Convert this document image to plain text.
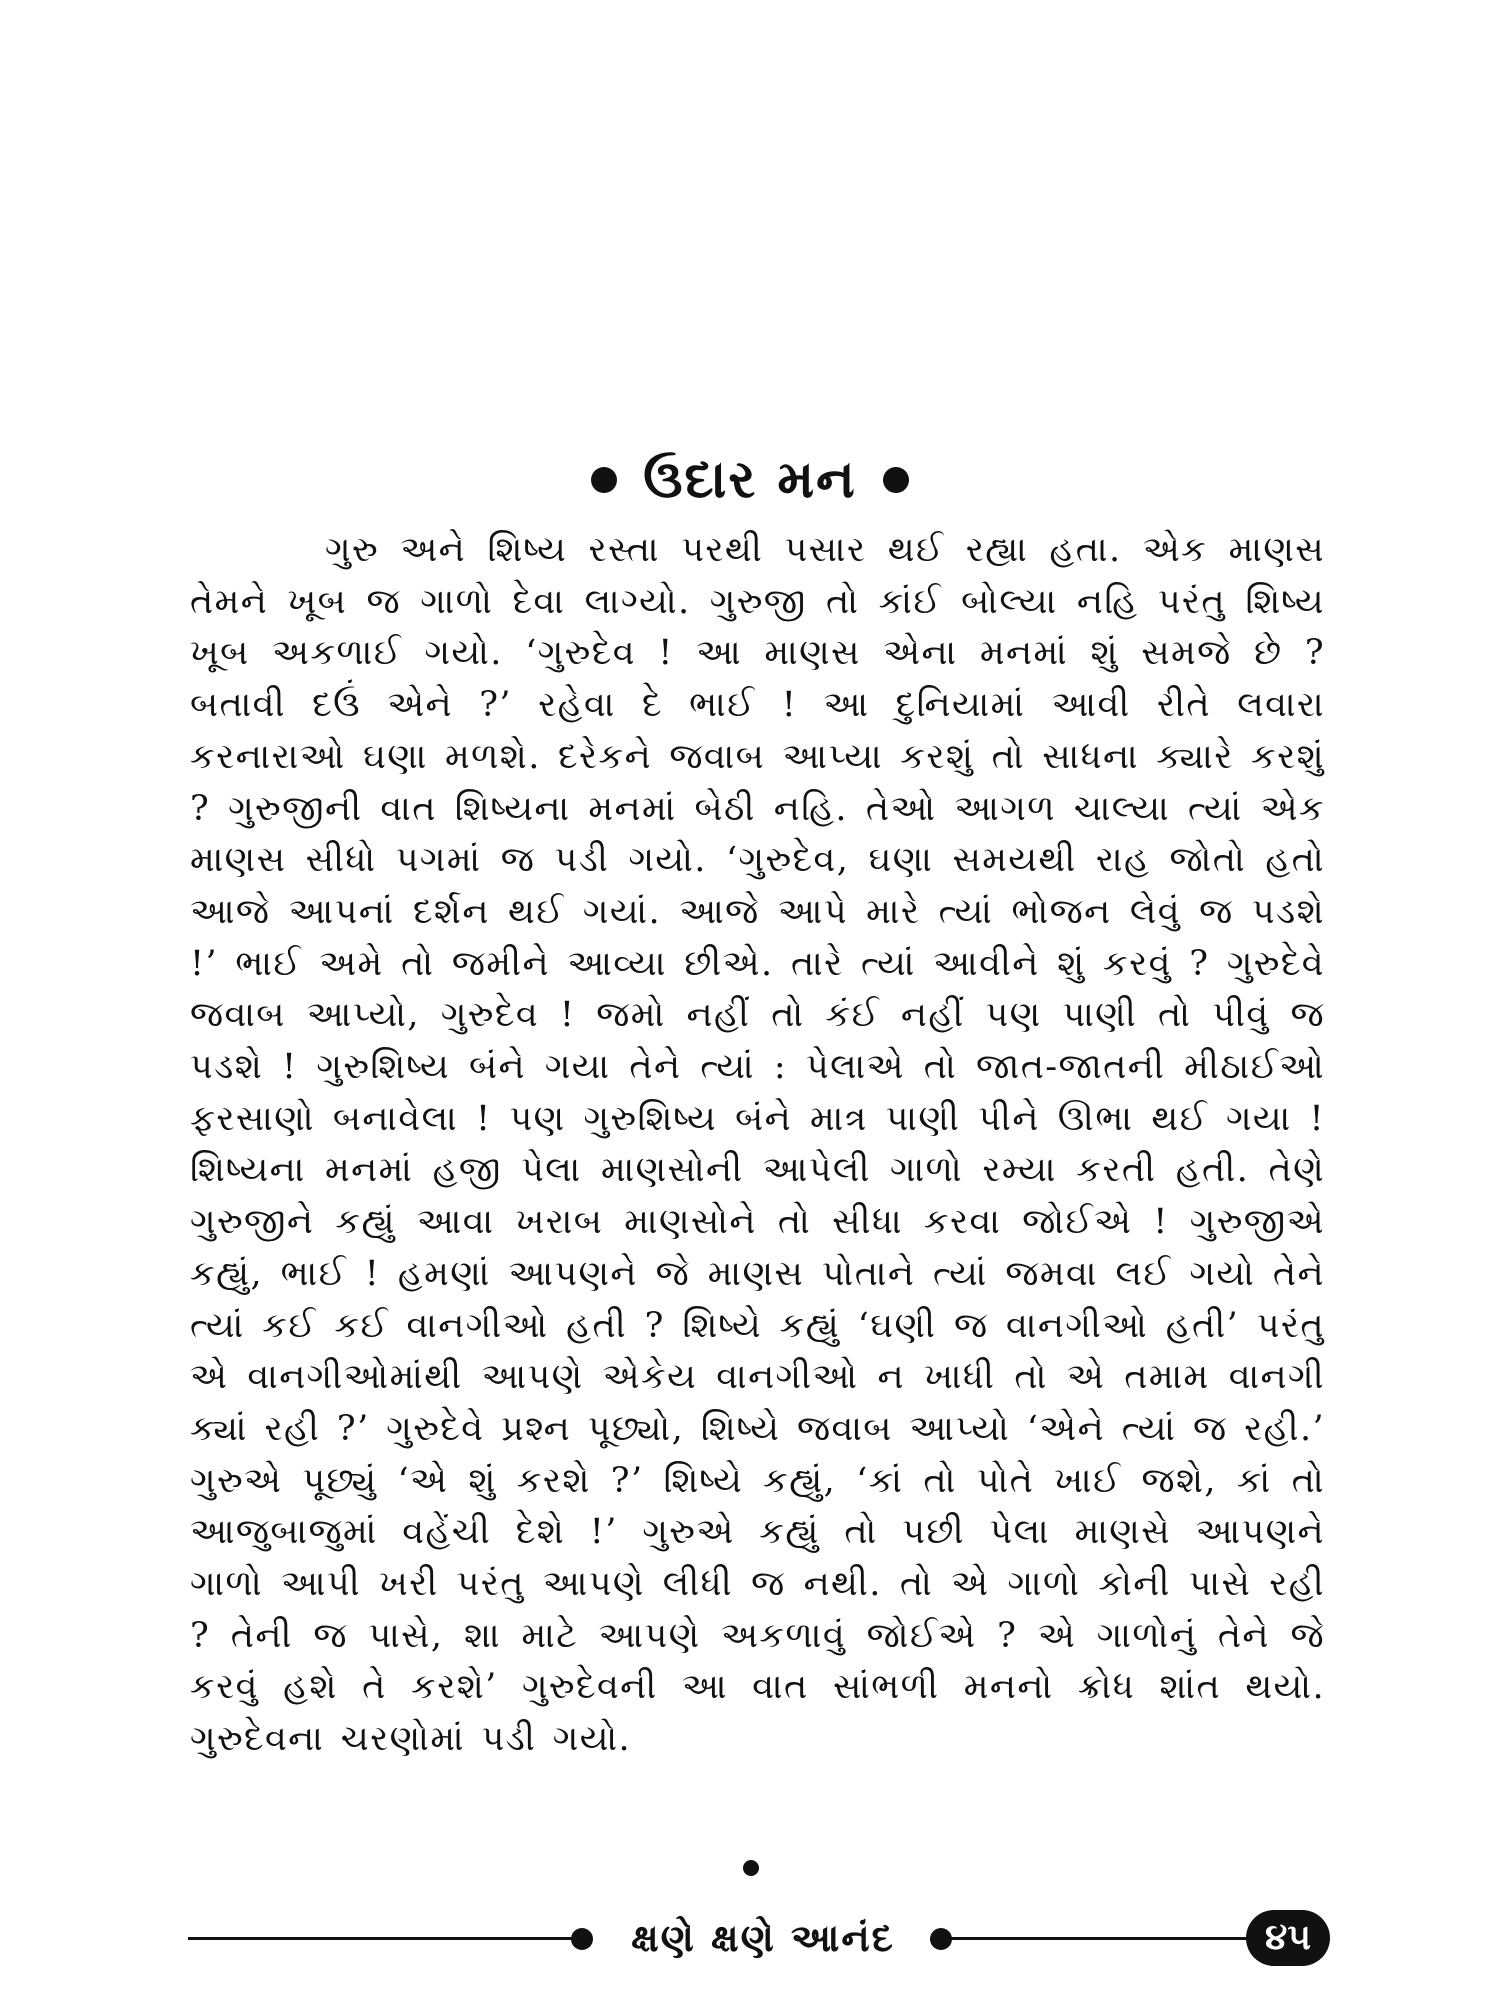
ઉદાર મન

ગુરુ અને શિષ્ય રસ્તા પરથી પસાર થઈ રહ્યા હતા. એક માણસ તેમને ખૂબ જ ગાળો દેવા લાગ્યો. ગુરુજી તો કાંઈ બોલ્યા નહિ પરંતુ શિષ્ય ખૂબ અકળાઈ ગયો. ‘ગુરુદેવ ! આ માણસ એના મનમાં શું સમજે છે ? બતાવી દઉં એને ?’ રહેવા દે ભાઈ ! આ દુનિયામાં આવી રીતે લવારા કરનારાઓ ઘણા મળશે. દરેકને જવાબ આપ્યા કરશું તો સાધના ક્યારે કરશું ? ગુરુજીની વાત શિષ્યના મનમાં બેઠી નહિ. તેઓ આગળ ચાલ્યા ત્યાં એક માણસ સીધો પગમાં જ પડી ગયો. ‘ગુરુદેવ, ઘણા સમયથી રાહ જોતો હતો આજે આપનાં દર્શન થઈ ગયાં. આજે આપે મારે ત્યાં ભોજન લેવું જ પડશે !’ ભાઈ અમે તો જમીને આવ્યા છીએ. તારે ત્યાં આવીને શું કરવું ? ગુરુદેવે જવાબ આપ્યો, ગુરુદેવ ! જમો નહીં તો કંઈ નહીં પણ પાણી તો પીવું જ પડશે ! ગુરુશિષ્ય બંને ગયા તેને ત્યાં : પેલાએ તો જાત-જાતની મીઠાઈઓ ફરસાણો બનાવેલા ! પણ ગુરુશિષ્ય બંને માત્ર પાણી પીને ઊભા થઈ ગયા ! શિષ્યના મનમાં હજી પેલા માણસોની આપેલી ગાળો રમ્યા કરતી હતી. તેણે ગુરુજીને કહ્યું આવા ખરાબ માણસોને તો સીધા કરવા જોઈએ ! ગુરુજીએ કહ્યું, ભાઈ ! હમણાં આપણને જે માણસ પોતાને ત્યાં જમવા લઈ ગયો તેને ત્યાં કઈ કઈ વાનગીઓ હતી ? શિષ્યે કહ્યું ‘ઘણી જ વાનગીઓ હતી’ પરંતુ એ વાનગીઓમાંથી આપણે એકેય વાનગીઓ ન ખાધી તો એ તમામ વાનગી ક્યાં રહી ?’ ગુરુદેવે પ્રશ્ન પૂછ્યો, શિષ્યે જવાબ આપ્યો ‘એને ત્યાં જ રહી.’ ગુરુએ પૂછ્યું ‘એ શું કરશે ?’ શિષ્યે કહ્યું, ‘કાં તો પોતે ખાઈ જશે, કાં તો આજુબાજુમાં વહેંચી દેશે !’ ગુરુએ કહ્યું તો પછી પેલા માણસે આપણને ગાળો આપી ખરી પરંતુ આપણે લીધી જ નથી. તો એ ગાળો કોની પાસે રહી ? તેની જ પાસે, શા માટે આપણે અકળાવું જોઈએ ? એ ગાળોનું તેને જે કરવું હશે તે કરશે’ ગુરુદેવની આ વાત સાંભળી મનનો ક્રોધ શાંત થયો. ગુરુદેવના ચરણોમાં પડી ગયો.

ક્ષણે ક્ષણે આનંદ	૪૫
